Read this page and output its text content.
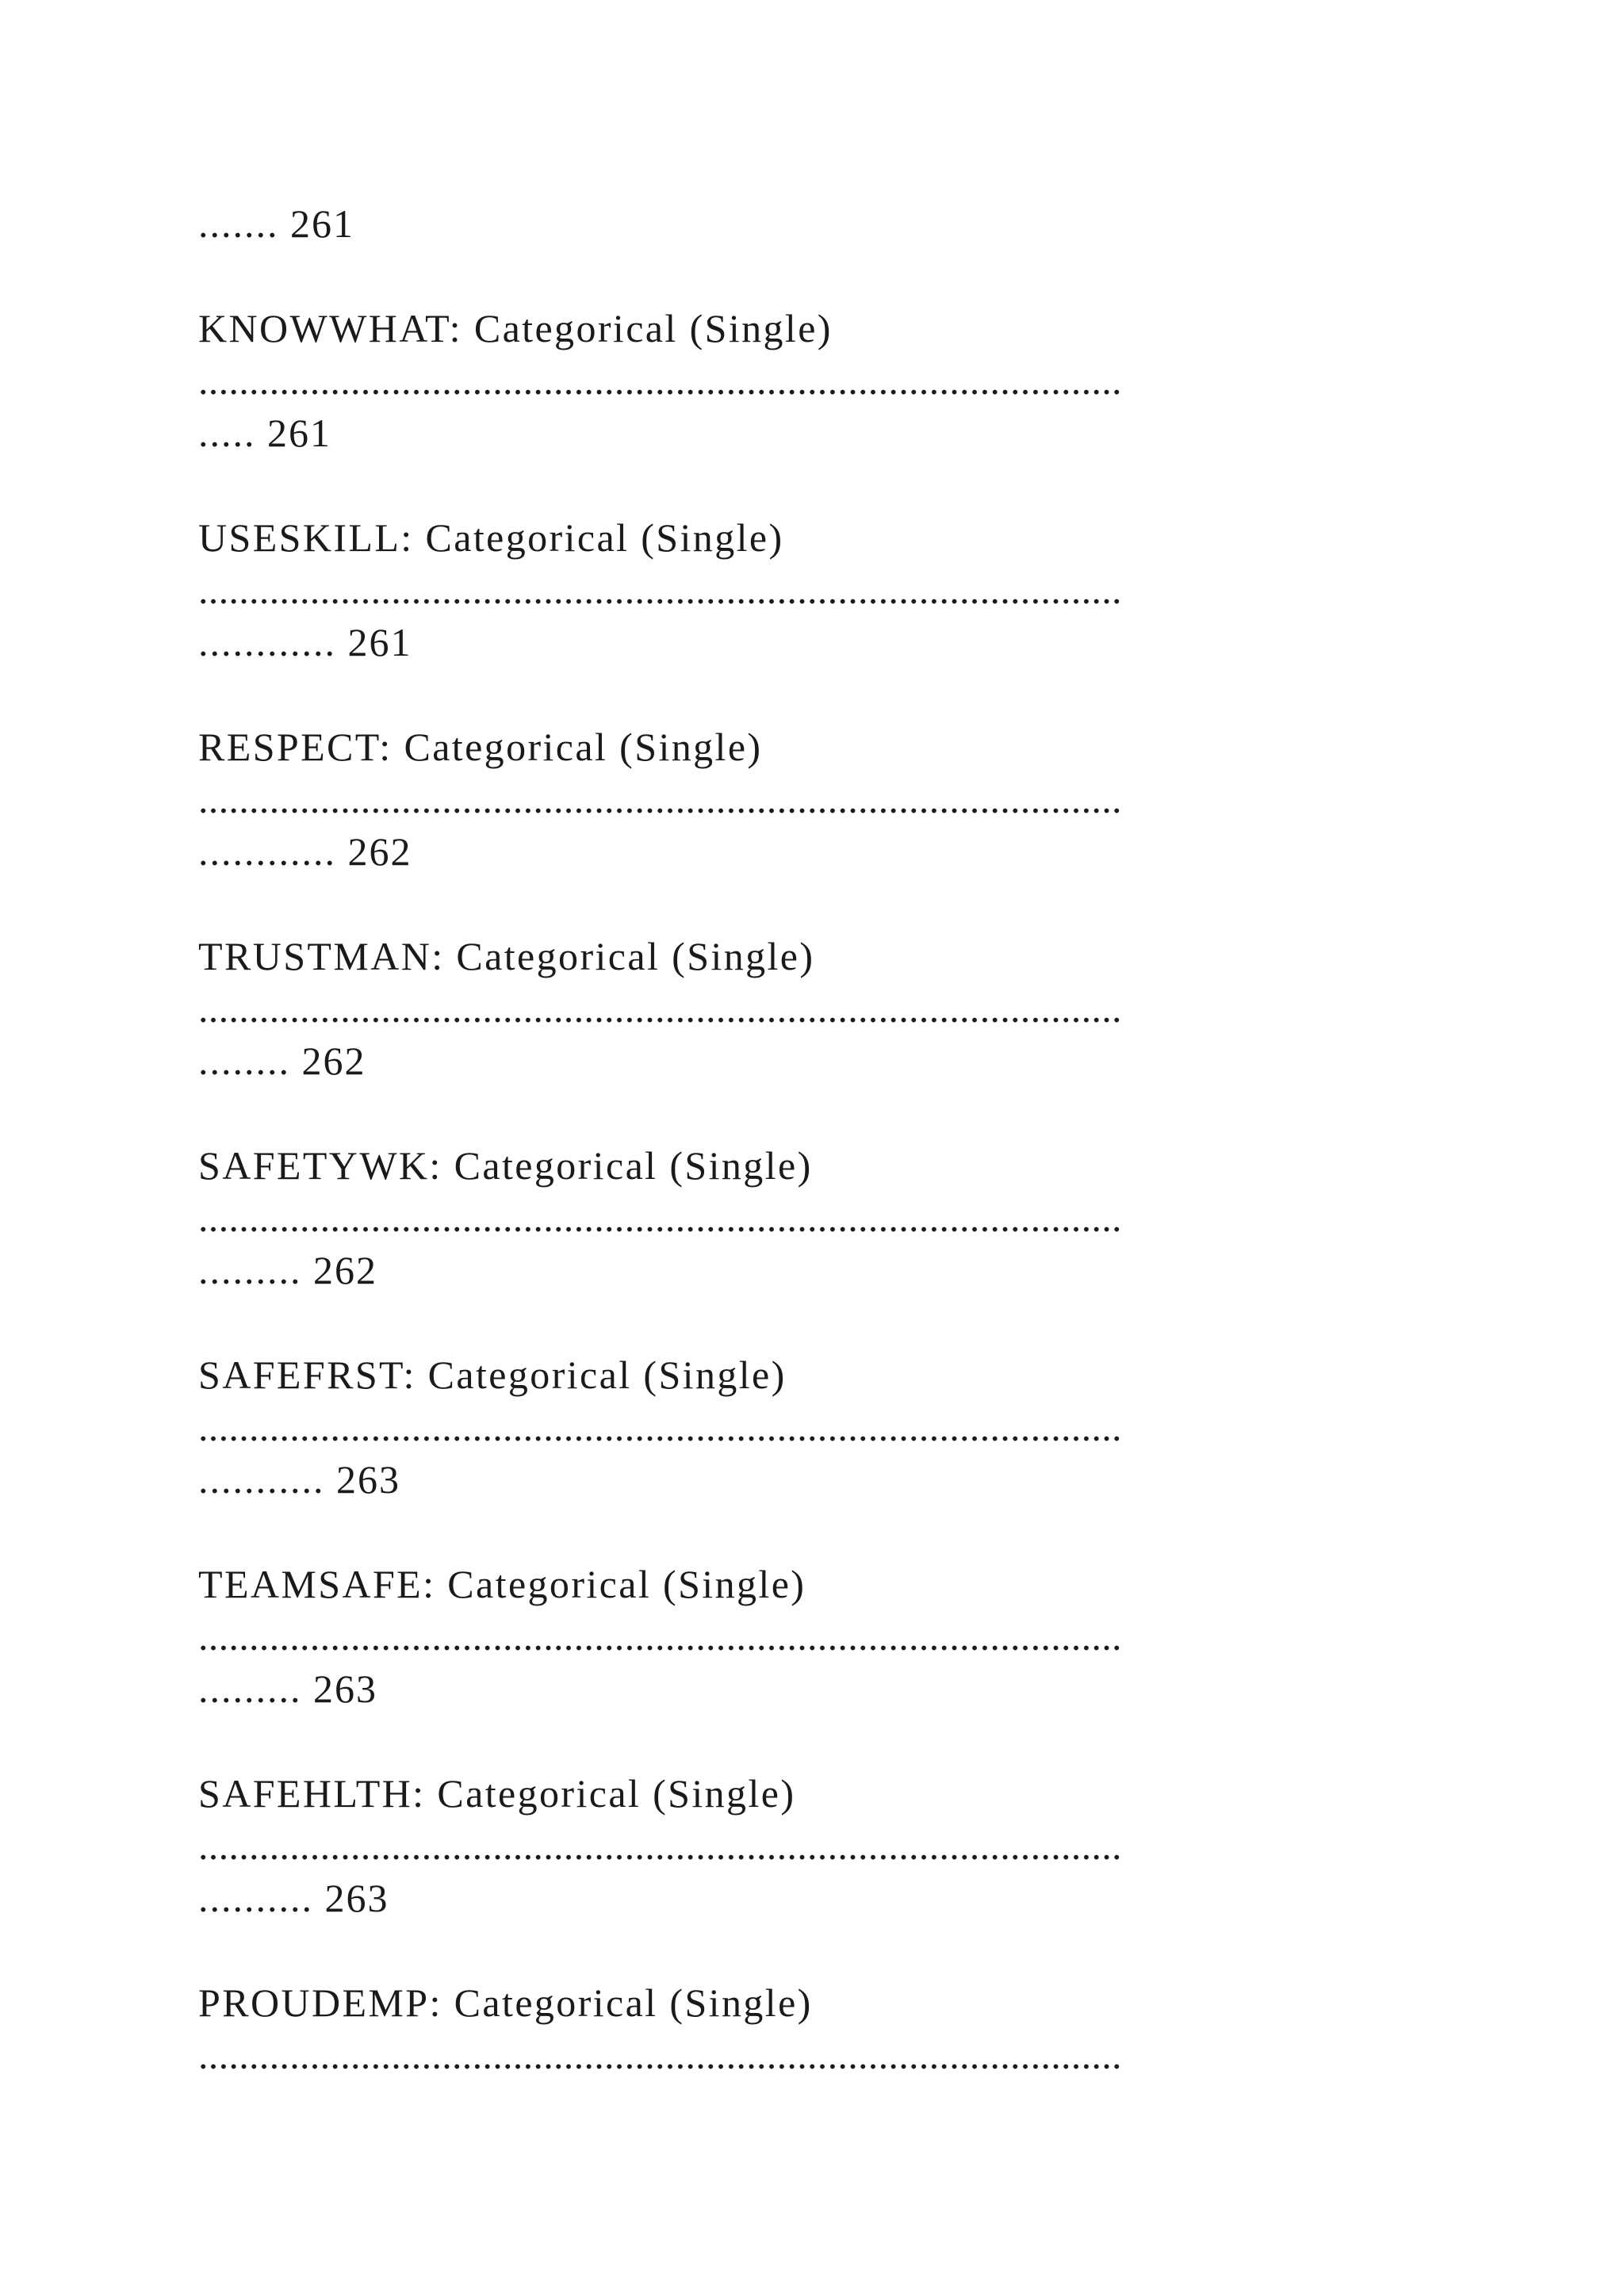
....... 261
KNOWWHAT: Categorical (Single)
...........................................................................................
..... 261
USESKILL: Categorical (Single)
...........................................................................................
............ 261
RESPECT: Categorical (Single)
...........................................................................................
............ 262
TRUSTMAN: Categorical (Single)
...........................................................................................
........ 262
SAFETYWK: Categorical (Single)
...........................................................................................
......... 262
SAFEFRST: Categorical (Single)
...........................................................................................
........... 263
TEAMSAFE: Categorical (Single)
...........................................................................................
......... 263
SAFEHLTH: Categorical (Single)
...........................................................................................
.......... 263
PROUDEMP: Categorical (Single)
...........................................................................................
